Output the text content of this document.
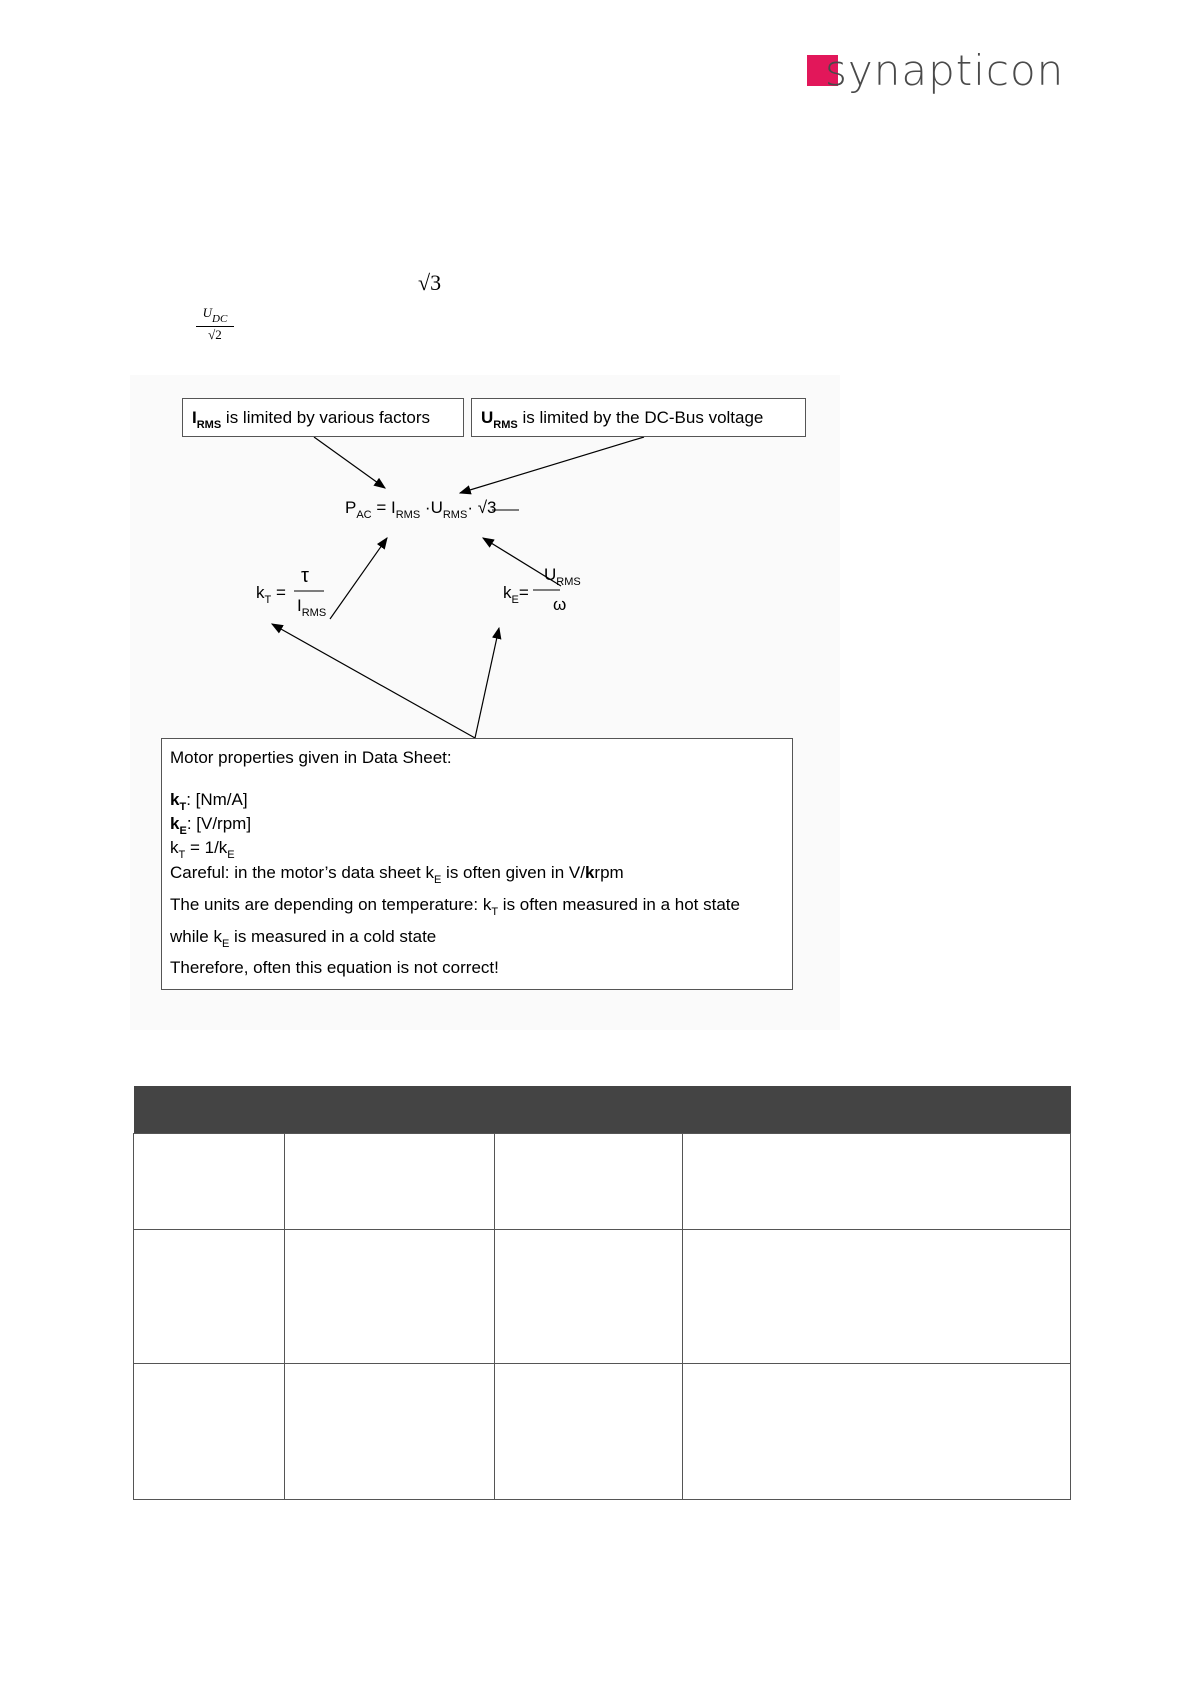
synapticon
√3
$U_{DC}$
√2
$I_{RMS}$ is limited by various factors	$U_{RMS}$ is limited by the DC-Bus voltage
$P_{AC} = I_{RMS} \cdot U_{RMS}\cdot √3$
$k_T$ =
τ
$I_{RMS}$
$k_E=$
$U_{RMS}$
ω
Motor properties given in Data Sheet:
$k_T$: [Nm/A]
$k_E$: [V/rpm]
$k_T = 1/k_E$
Careful: in the motor’s data sheet $k_E$ is often given in V/krpm
The units are depending on temperature: $k_T$ is often measured in a hot state
while $k_E$ is measured in a cold state
Therefore, often this equation is not correct!
